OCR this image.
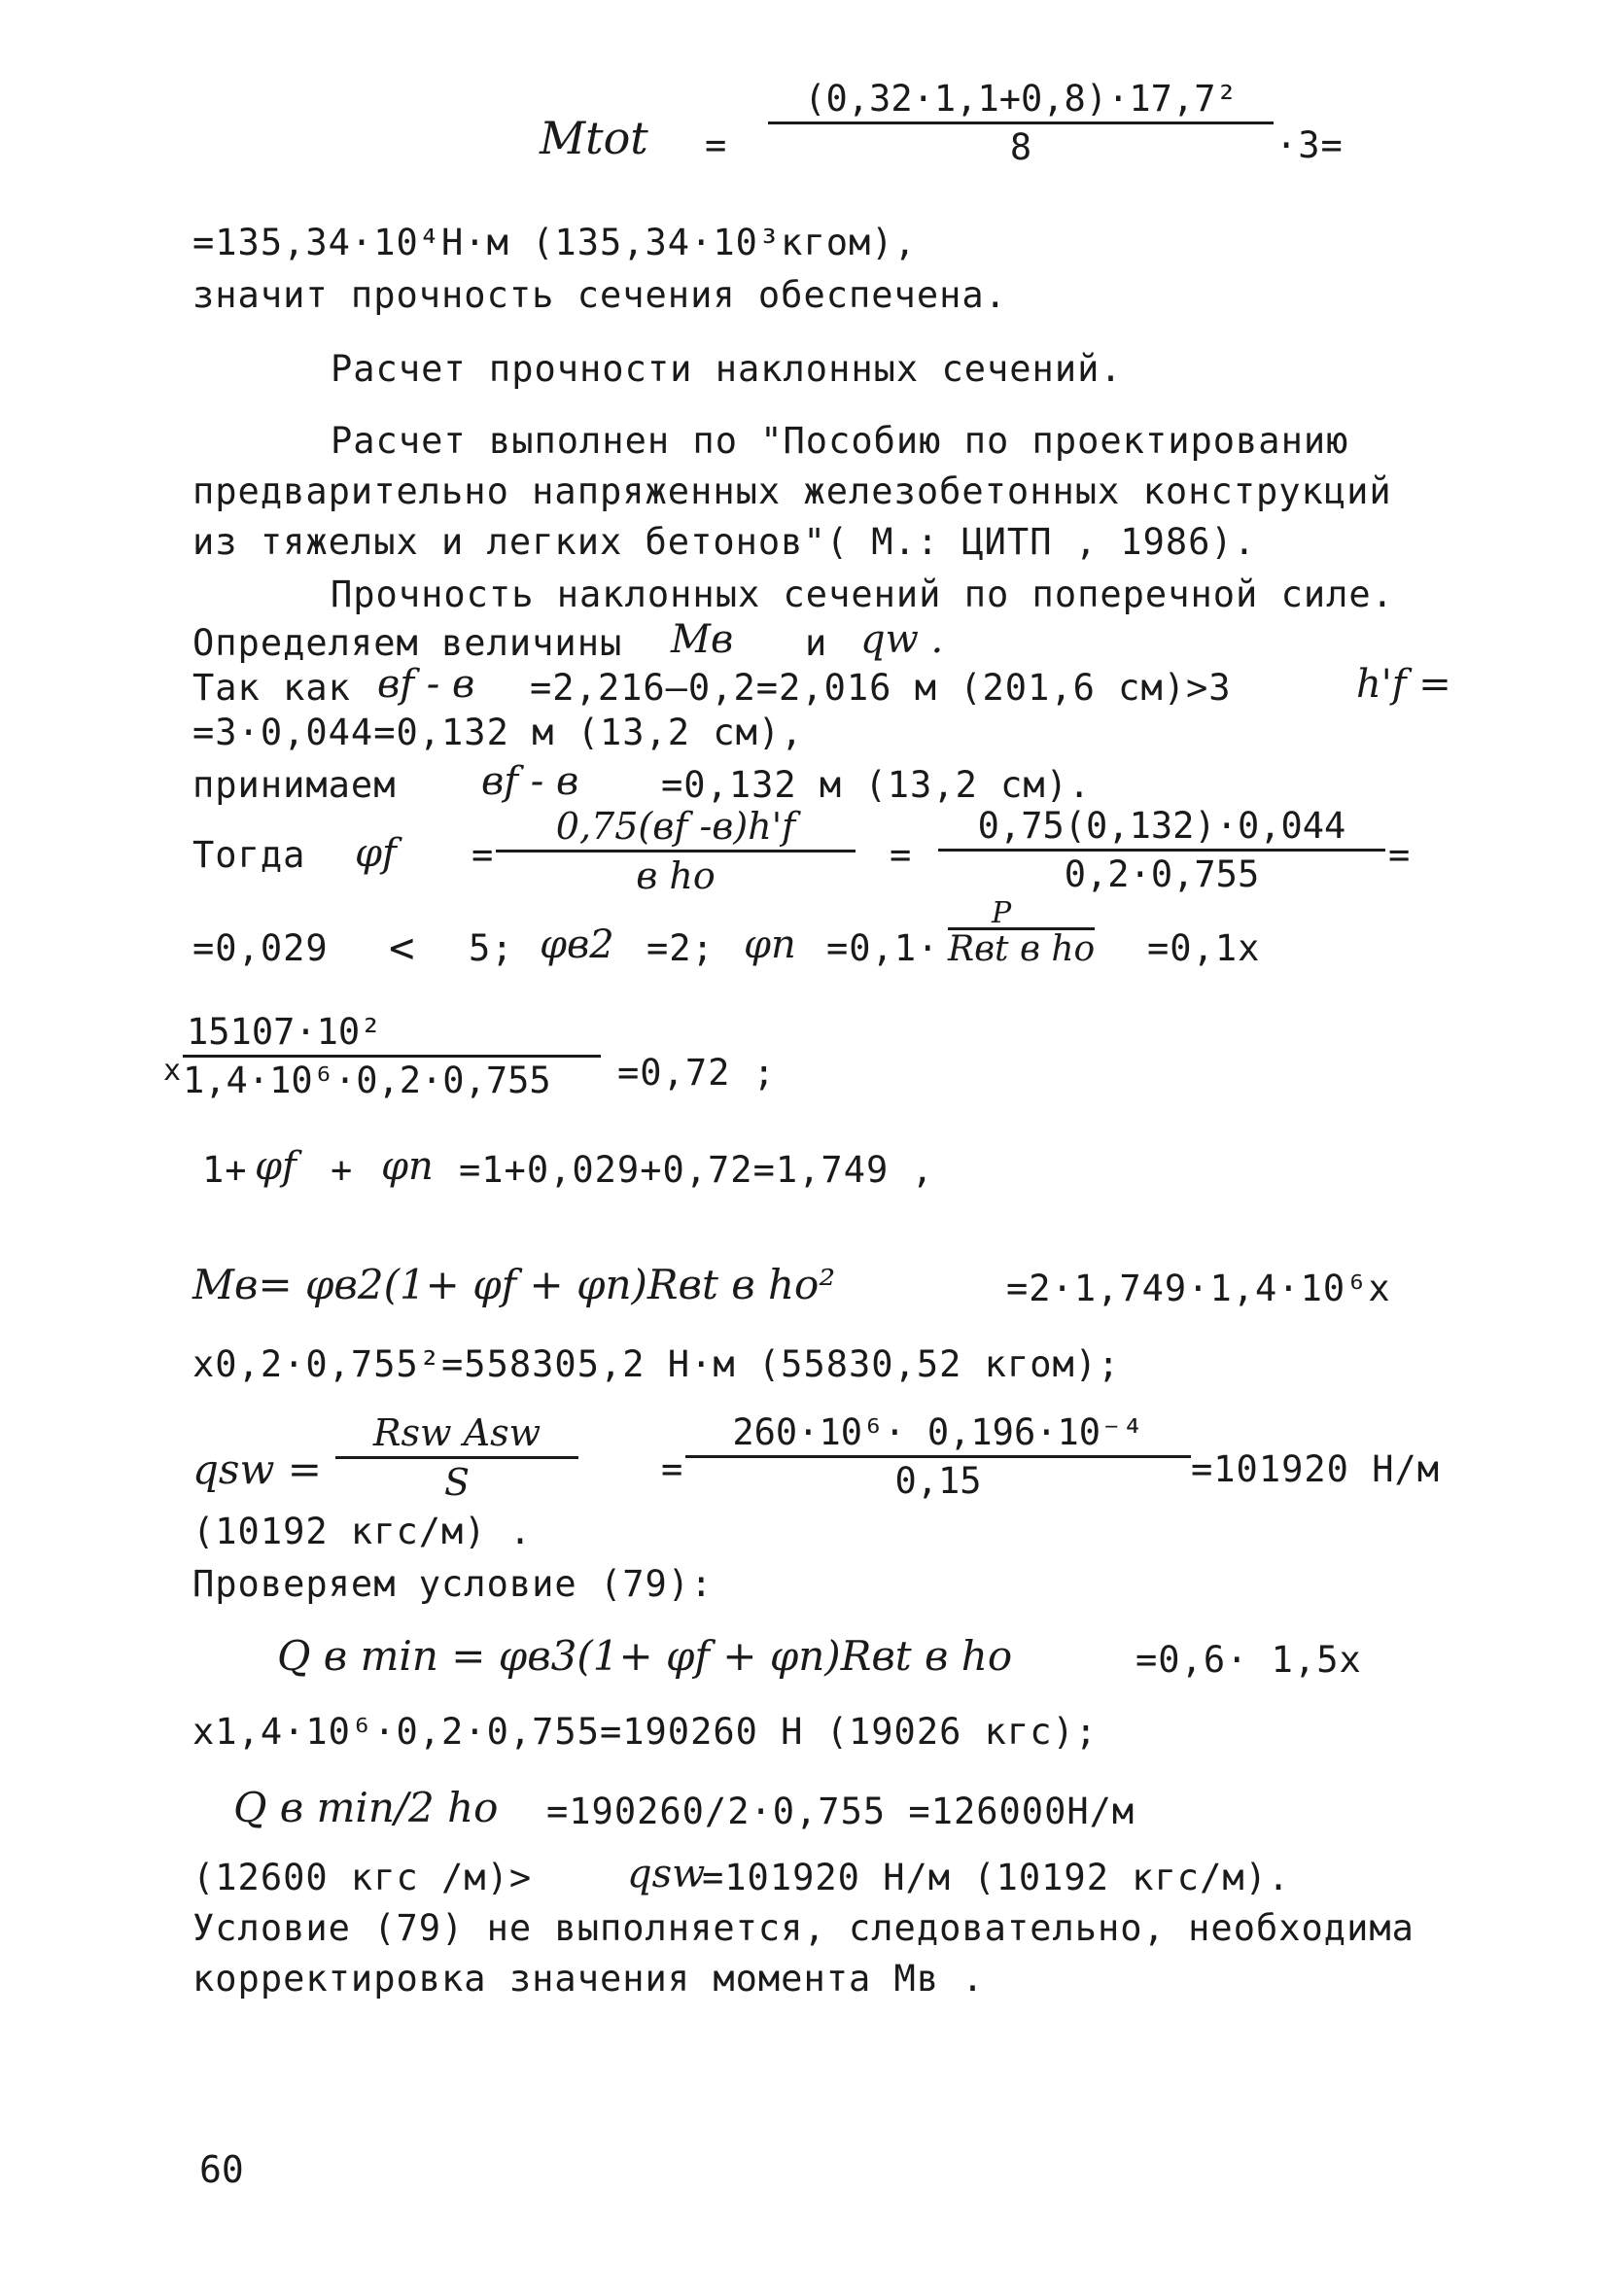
Mtot = $\frac{\text{(0,32·1,1+0,8)·17,7²}}{8} \cdot 3=$
=135,34·10⁴Н·м (135,34·10³кгом),
значит прочность сечения обеспечена.
Расчет прочности наклонных сечений.
Расчет выполнен по "Пособию по проектированию
предварительно напряженных железобетонных конструкций
из тяжелых и легких бетонов"( М.: ЦИТП , 1986).
Прочность наклонных сечений по поперечной силе.
Определяем величины Мв и qw .
Так как вf - в =2,216–0,2=2,016 м (201,6 см)>3	h'f =
=3·0,044=0,132 м (13,2 см),
принимаем вf - в =0,132 м (13,2 см).
Тогда φf =
0,75(вf -в)h'f
в hо	= $\frac{0,75(0,132)\cdot 0,044}{0,2\cdot 0,755}$ =
=0,029 < 5; φв2 =2; φn =0,1·
P
Rвt в hо =0,1x
x $\frac{\text{15107·10²}}{\text{1,4·10⁶·0,2·0,755}} =0,72$ ;
1+ φf + φn =1+0,029+0,72=1,749 ,
Мв= φв2(1+ φf + φn)Rвt в hо²	=2·1,749·1,4·10⁶x
x0,2·0,755²=558305,2 Н·м (55830,52 кгом);
qsw =
Rsw Asw
S	= $\frac{\text{260·10⁶· 0,196·10⁻⁴}}{0,15} =101920$ Н/м
(10192 кгс/м) .
Проверяем условие (79):
Q в min = φв3(1+ φf + φn)Rвt в hо	=0,6· 1,5x
x1,4·10⁶·0,2·0,755=190260 Н (19026 кгс);
Q в min/2 hо =190260/2·0,755 =126000Н/м
(12600 кгс /м)> qsw
=101920 Н/м (10192 кгс/м).
Условие (79) не выполняется, следовательно, необходима
корректировка значения момента Мв .
60
